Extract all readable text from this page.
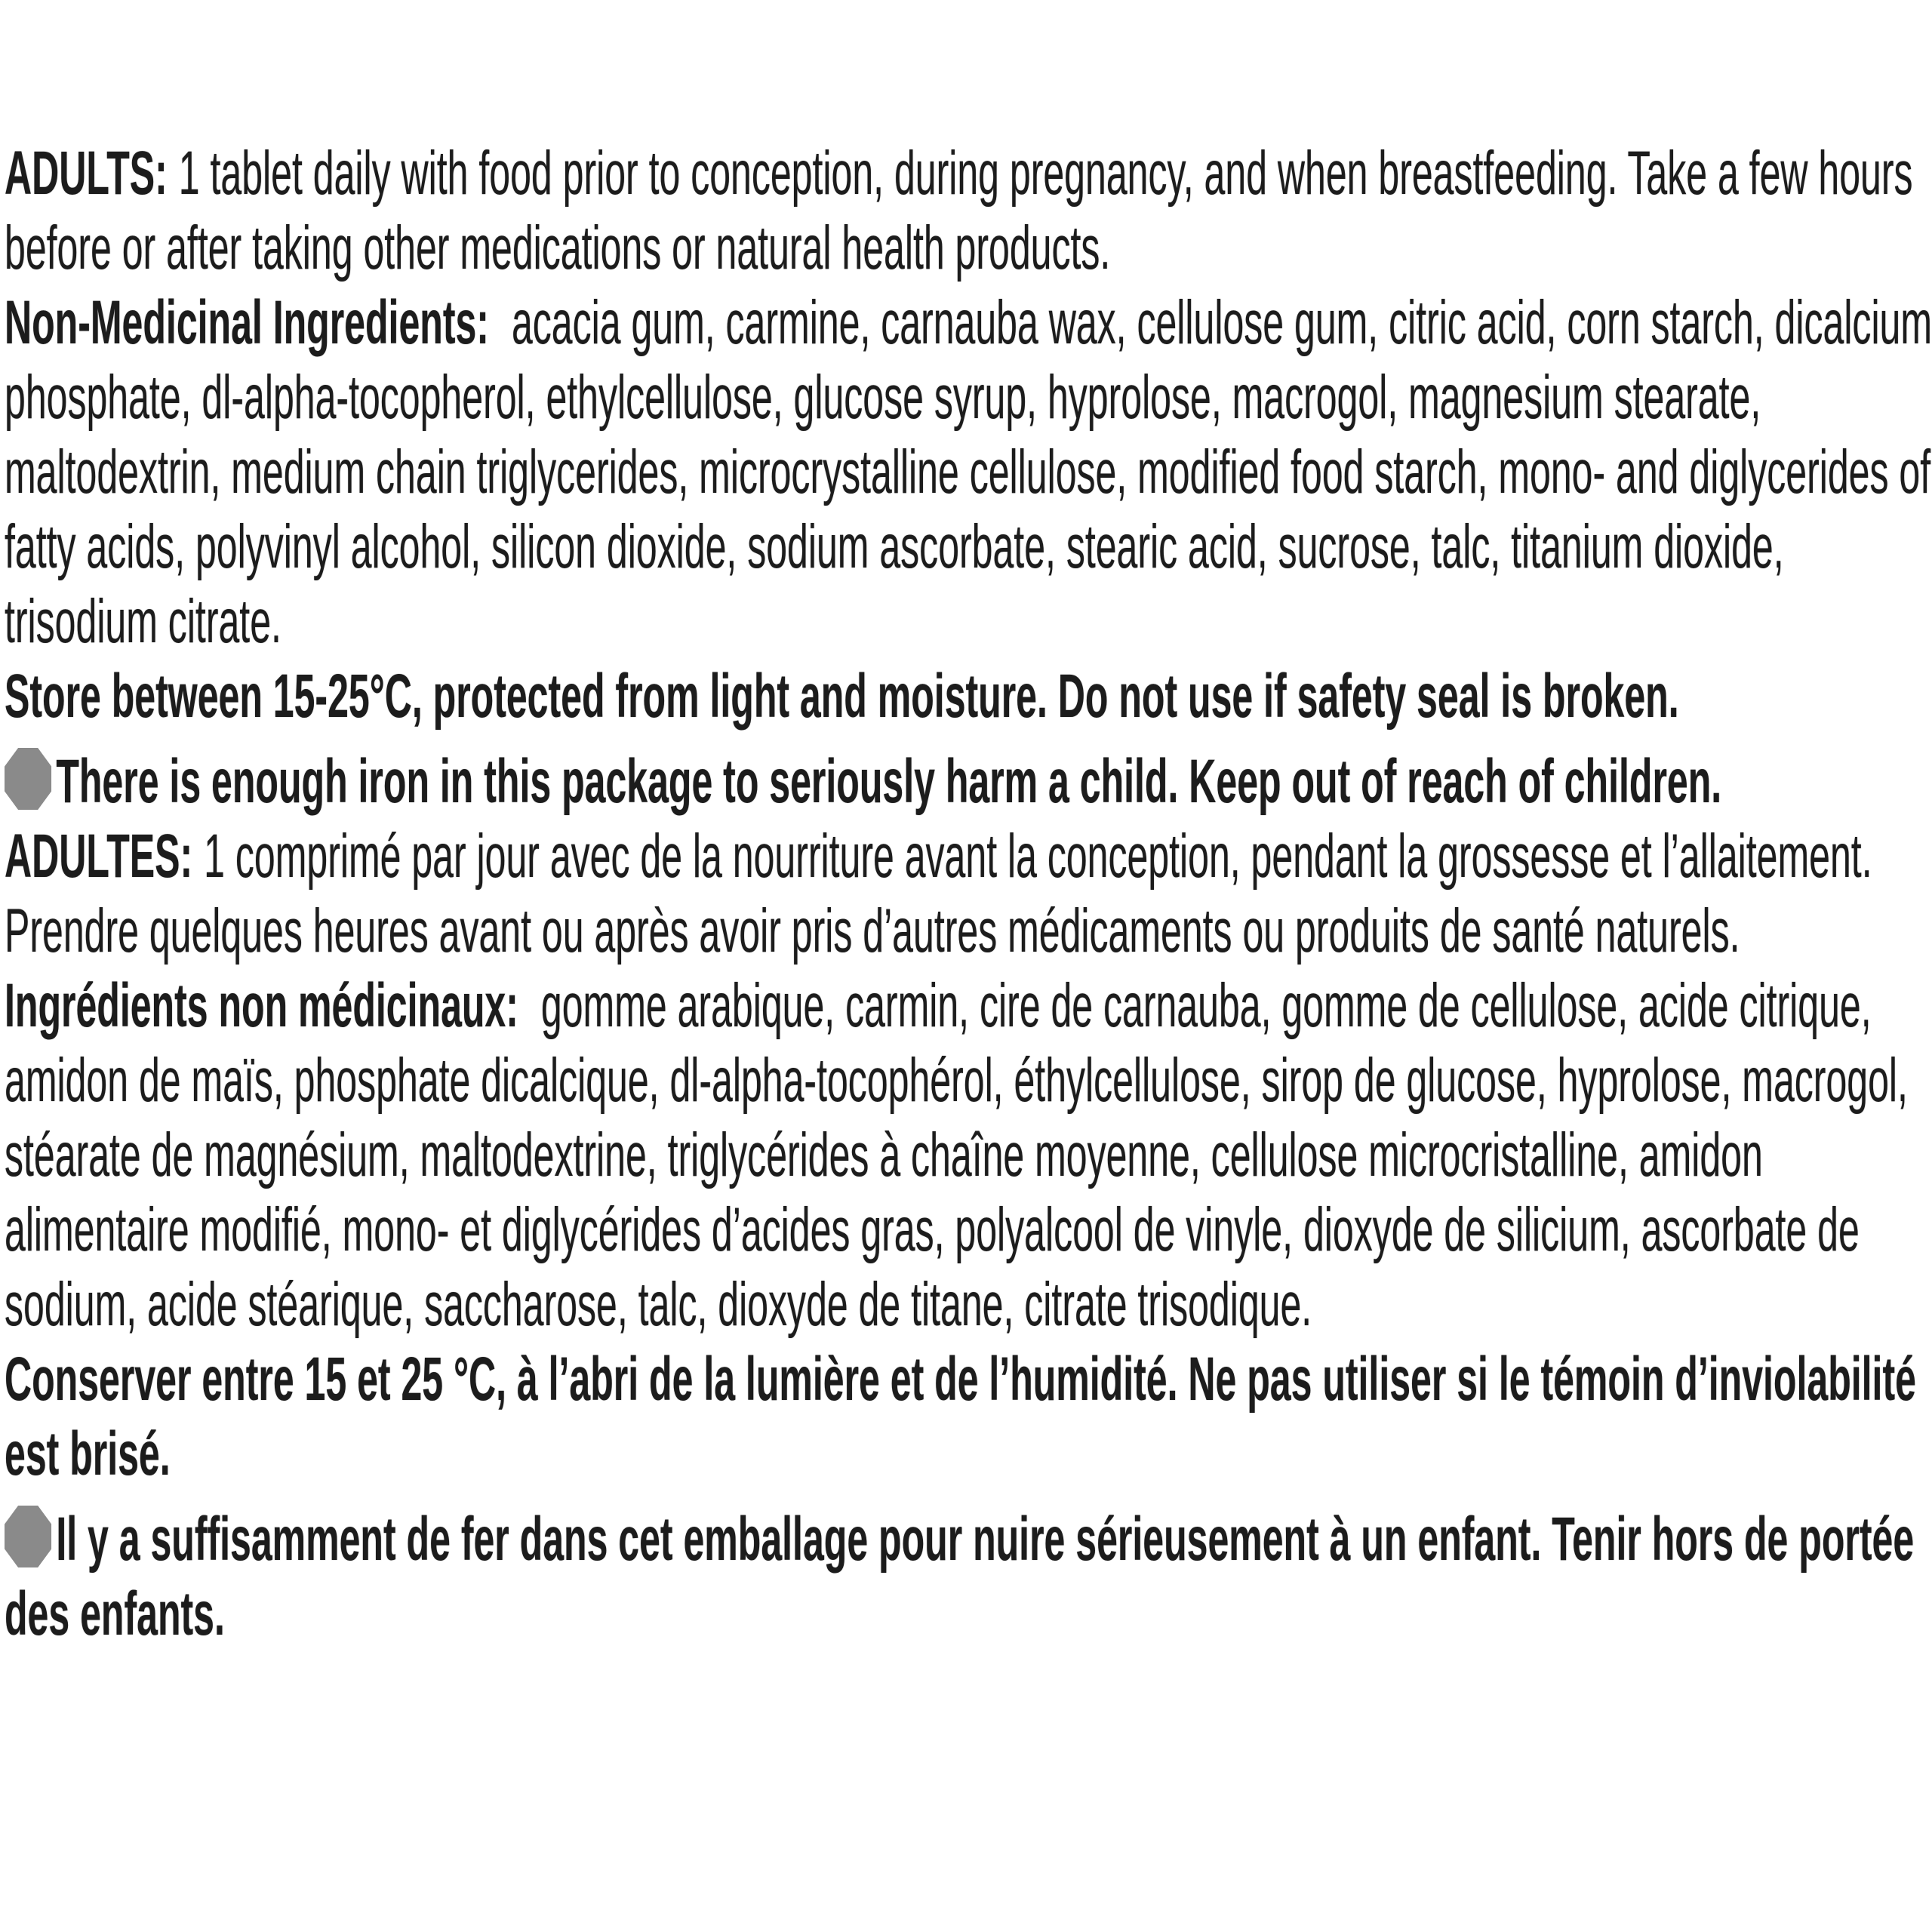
ADULTS: 1 tablet daily with food prior to conception, during pregnancy, and when breastfeeding. Take a few hours before or after taking other medications or natural health products.

Non-Medicinal Ingredients: acacia gum, carmine, carnauba wax, cellulose gum, citric acid, corn starch, dicalcium phosphate, dl-alpha-tocopherol, ethylcellulose, glucose syrup, hyprolose, macrogol, magnesium stearate, maltodextrin, medium chain triglycerides, microcrystalline cellulose, modified food starch, mono- and diglycerides of fatty acids, polyvinyl alcohol, silicon dioxide, sodium ascorbate, stearic acid, sucrose, talc, titanium dioxide, trisodium citrate.

Store between 15-25°C, protected from light and moisture. Do not use if safety seal is broken.

There is enough iron in this package to seriously harm a child. Keep out of reach of children.

ADULTES: 1 comprimé par jour avec de la nourriture avant la conception, pendant la grossesse et l’allaitement. Prendre quelques heures avant ou après avoir pris d’autres médicaments ou produits de santé naturels.

Ingrédients non médicinaux: gomme arabique, carmin, cire de carnauba, gomme de cellulose, acide citrique, amidon de maïs, phosphate dicalcique, dl-alpha-tocophérol, éthylcellulose, sirop de glucose, hyprolose, macrogol, stéarate de magnésium, maltodextrine, triglycérides à chaîne moyenne, cellulose microcristalline, amidon alimentaire modifié, mono- et diglycérides d’acides gras, polyalcool de vinyle, dioxyde de silicium, ascorbate de sodium, acide stéarique, saccharose, talc, dioxyde de titane, citrate trisodique.

Conserver entre 15 et 25 °C, à l’abri de la lumière et de l’humidité. Ne pas utiliser si le témoin d’inviolabilité est brisé.

Il y a suffisamment de fer dans cet emballage pour nuire sérieusement à un enfant. Tenir hors de portée des enfants.
